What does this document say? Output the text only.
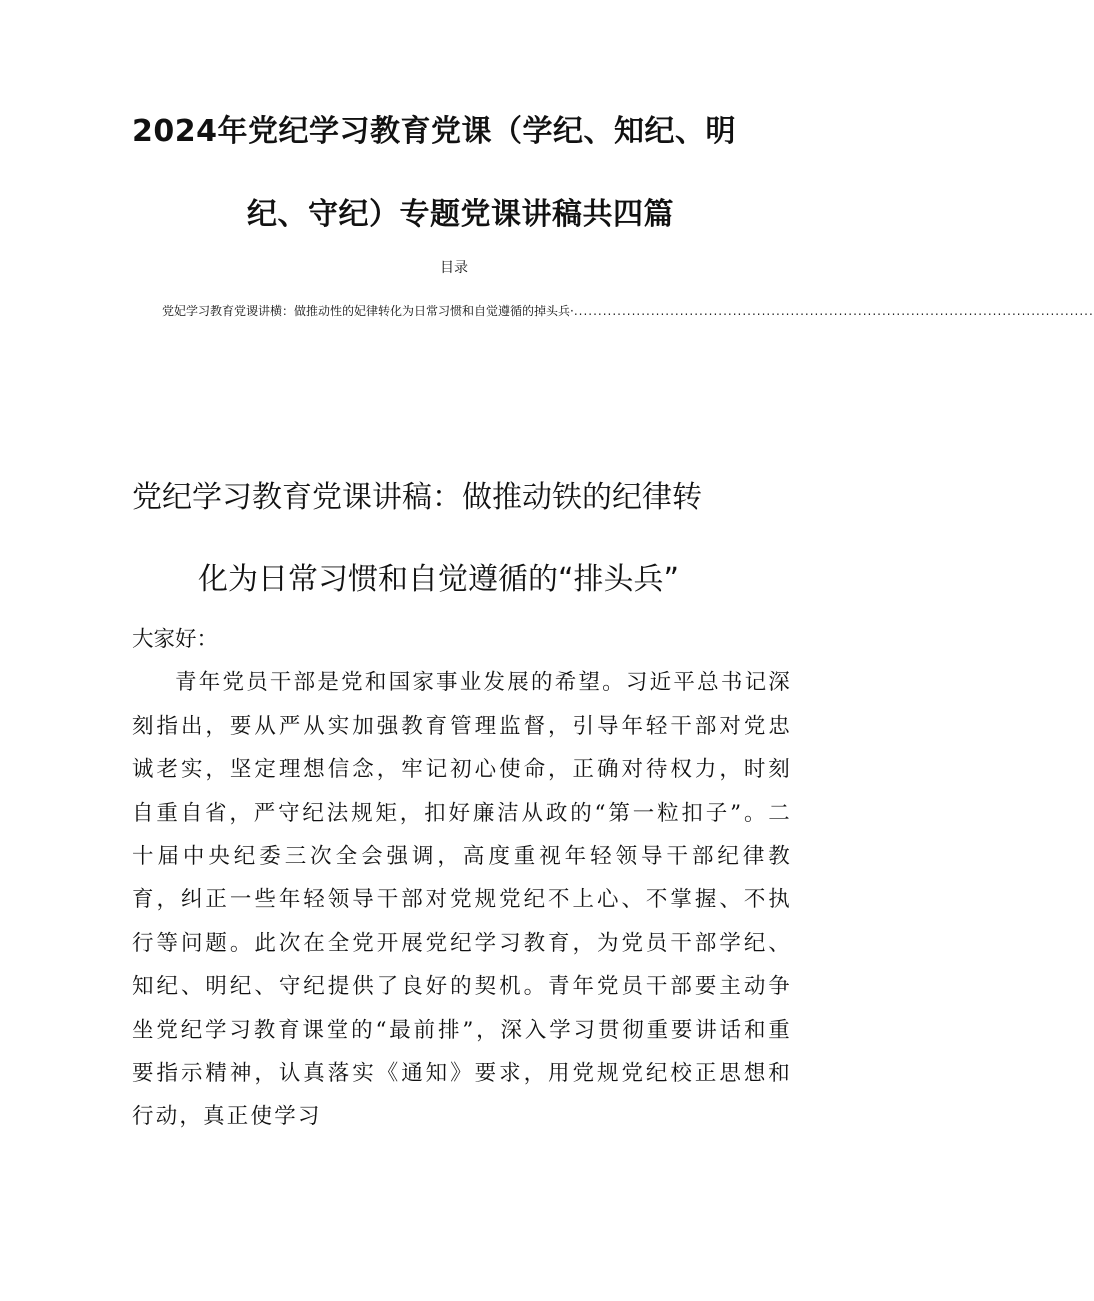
2024年党纪学习教育党课（学纪、知纪、明
纪、守纪）专题党课讲稿共四篇
目录
党妃学习教育党谡讲横：做推动性的妃律转化为日常习惯和自觉遵循的掉头兵· ............................................................................................................
党纪学习教育党课讲稿：做推动铁的纪律转
化为日常习惯和自觉遵循的“排头兵”

大家好：

青年党员干部是党和国家事业发展的希望。习近平总书记深刻指出，要从严从实加强教育管理监督，引导年轻干部对党忠诚老实，坚定理想信念，牢记初心使命，正确对待权力，时刻自重自省，严守纪法规矩，扣好廉洁从政的“第一粒扣子”。二十届中央纪委三次全会强调，高度重视年轻领导干部纪律教育，纠正一些年轻领导干部对党规党纪不上心、不掌握、不执行等问题。此次在全党开展党纪学习教育，为党员干部学纪、知纪、明纪、守纪提供了良好的契机。青年党员干部要主动争坐党纪学习教育课堂的“最前排”，深入学习贯彻重要讲话和重要指示精神，认真落实《通知》要求，用党规党纪校正思想和行动，真正使学习
